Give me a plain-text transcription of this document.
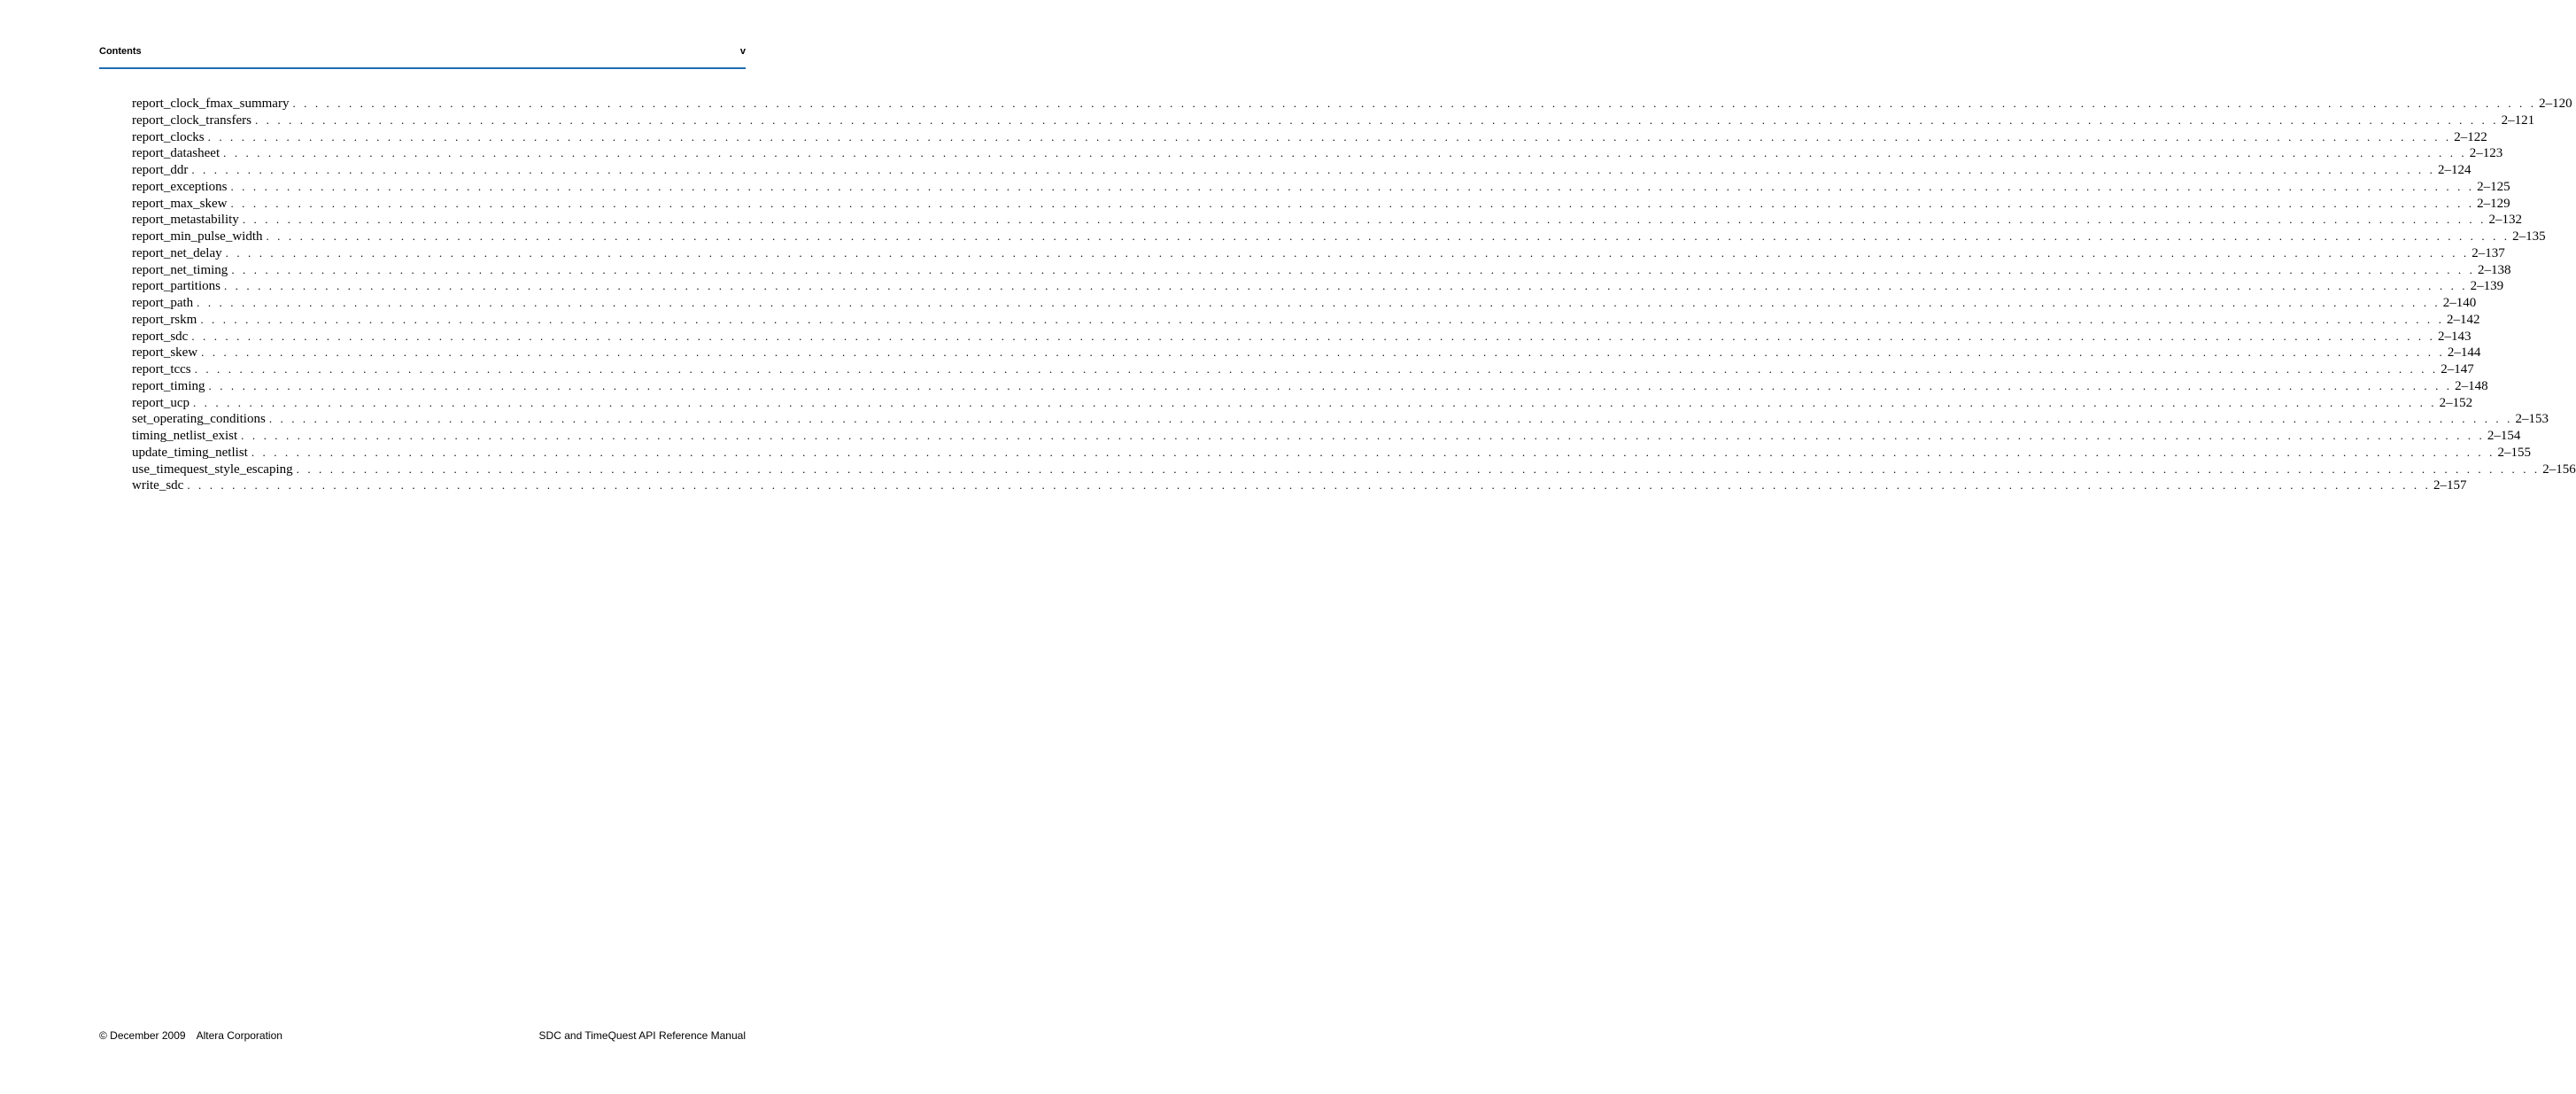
Contents	v
report_clock_fmax_summary . . . . . . . . . . . . . . . . . . . . . . . . . . . . . . . . . . . . . . . . . . . . . . . . . . . . . . . . . . . . . . . . . . . . . . . . . . . . . . . . . . . . . . . . . . . . . . . . . . . . . . . . . . . . . . . . . . . . . . . . . . . . . . . . . . . . . . . . . . . . . . . . . . . . . . . . . . . . . . . . . . . . . . . . . . . . . . . . . . . . . . . . . . . . . . . . . . . . . . . . 2–120
report_clock_transfers . . . . . . . . . . . . . . . . . . . . . . . . . . . . . . . . . . . . . . . . . . . . . . . . . . . . . . . . . . . . . . . . . . . . . . . . . . . . . . . . . . . . . . . . . . . . . . . . . . . . . . . . . . . . . . . . . . . . . . . . . . . . . . . . . . . . . . . . . . . . . . . . . . . . . . . . . . . . . . . . . . . . . . . . . . . . . . . . . . . . . . . . . . . . . . . . . . . . . . . . 2–121
report_clocks . . . . . . . . . . . . . . . . . . . . . . . . . . . . . . . . . . . . . . . . . . . . . . . . . . . . . . . . . . . . . . . . . . . . . . . . . . . . . . . . . . . . . . . . . . . . . . . . . . . . . . . . . . . . . . . . . . . . . . . . . . . . . . . . . . . . . . . . . . . . . . . . . . . . . . . . . . . . . . . . . . . . . . . . . . . . . . . . . . . . . . . . . . . . . . . . . . . . . . . . 2–122
report_datasheet . . . . . . . . . . . . . . . . . . . . . . . . . . . . . . . . . . . . . . . . . . . . . . . . . . . . . . . . . . . . . . . . . . . . . . . . . . . . . . . . . . . . . . . . . . . . . . . . . . . . . . . . . . . . . . . . . . . . . . . . . . . . . . . . . . . . . . . . . . . . . . . . . . . . . . . . . . . . . . . . . . . . . . . . . . . . . . . . . . . . . . . . . . . . . . . . . . . . . . . . 2–123
report_ddr . . . . . . . . . . . . . . . . . . . . . . . . . . . . . . . . . . . . . . . . . . . . . . . . . . . . . . . . . . . . . . . . . . . . . . . . . . . . . . . . . . . . . . . . . . . . . . . . . . . . . . . . . . . . . . . . . . . . . . . . . . . . . . . . . . . . . . . . . . . . . . . . . . . . . . . . . . . . . . . . . . . . . . . . . . . . . . . . . . . . . . . . . . . . . . . . . . . . . . . . 2–124
report_exceptions . . . . . . . . . . . . . . . . . . . . . . . . . . . . . . . . . . . . . . . . . . . . . . . . . . . . . . . . . . . . . . . . . . . . . . . . . . . . . . . . . . . . . . . . . . . . . . . . . . . . . . . . . . . . . . . . . . . . . . . . . . . . . . . . . . . . . . . . . . . . . . . . . . . . . . . . . . . . . . . . . . . . . . . . . . . . . . . . . . . . . . . . . . . . . . . . . . . . . . . . 2–125
report_max_skew . . . . . . . . . . . . . . . . . . . . . . . . . . . . . . . . . . . . . . . . . . . . . . . . . . . . . . . . . . . . . . . . . . . . . . . . . . . . . . . . . . . . . . . . . . . . . . . . . . . . . . . . . . . . . . . . . . . . . . . . . . . . . . . . . . . . . . . . . . . . . . . . . . . . . . . . . . . . . . . . . . . . . . . . . . . . . . . . . . . . . . . . . . . . . . . . . . . . . . . . 2–129
report_metastability . . . . . . . . . . . . . . . . . . . . . . . . . . . . . . . . . . . . . . . . . . . . . . . . . . . . . . . . . . . . . . . . . . . . . . . . . . . . . . . . . . . . . . . . . . . . . . . . . . . . . . . . . . . . . . . . . . . . . . . . . . . . . . . . . . . . . . . . . . . . . . . . . . . . . . . . . . . . . . . . . . . . . . . . . . . . . . . . . . . . . . . . . . . . . . . . . . . . . . . . 2–132
report_min_pulse_width . . . . . . . . . . . . . . . . . . . . . . . . . . . . . . . . . . . . . . . . . . . . . . . . . . . . . . . . . . . . . . . . . . . . . . . . . . . . . . . . . . . . . . . . . . . . . . . . . . . . . . . . . . . . . . . . . . . . . . . . . . . . . . . . . . . . . . . . . . . . . . . . . . . . . . . . . . . . . . . . . . . . . . . . . . . . . . . . . . . . . . . . . . . . . . . . . . . . . . . . 2–135
report_net_delay . . . . . . . . . . . . . . . . . . . . . . . . . . . . . . . . . . . . . . . . . . . . . . . . . . . . . . . . . . . . . . . . . . . . . . . . . . . . . . . . . . . . . . . . . . . . . . . . . . . . . . . . . . . . . . . . . . . . . . . . . . . . . . . . . . . . . . . . . . . . . . . . . . . . . . . . . . . . . . . . . . . . . . . . . . . . . . . . . . . . . . . . . . . . . . . . . . . . . . . . 2–137
report_net_timing . . . . . . . . . . . . . . . . . . . . . . . . . . . . . . . . . . . . . . . . . . . . . . . . . . . . . . . . . . . . . . . . . . . . . . . . . . . . . . . . . . . . . . . . . . . . . . . . . . . . . . . . . . . . . . . . . . . . . . . . . . . . . . . . . . . . . . . . . . . . . . . . . . . . . . . . . . . . . . . . . . . . . . . . . . . . . . . . . . . . . . . . . . . . . . . . . . . . . . . . 2–138
report_partitions . . . . . . . . . . . . . . . . . . . . . . . . . . . . . . . . . . . . . . . . . . . . . . . . . . . . . . . . . . . . . . . . . . . . . . . . . . . . . . . . . . . . . . . . . . . . . . . . . . . . . . . . . . . . . . . . . . . . . . . . . . . . . . . . . . . . . . . . . . . . . . . . . . . . . . . . . . . . . . . . . . . . . . . . . . . . . . . . . . . . . . . . . . . . . . . . . . . . . . . . 2–139
report_path . . . . . . . . . . . . . . . . . . . . . . . . . . . . . . . . . . . . . . . . . . . . . . . . . . . . . . . . . . . . . . . . . . . . . . . . . . . . . . . . . . . . . . . . . . . . . . . . . . . . . . . . . . . . . . . . . . . . . . . . . . . . . . . . . . . . . . . . . . . . . . . . . . . . . . . . . . . . . . . . . . . . . . . . . . . . . . . . . . . . . . . . . . . . . . . . . . . . . . . . 2–140
report_rskm . . . . . . . . . . . . . . . . . . . . . . . . . . . . . . . . . . . . . . . . . . . . . . . . . . . . . . . . . . . . . . . . . . . . . . . . . . . . . . . . . . . . . . . . . . . . . . . . . . . . . . . . . . . . . . . . . . . . . . . . . . . . . . . . . . . . . . . . . . . . . . . . . . . . . . . . . . . . . . . . . . . . . . . . . . . . . . . . . . . . . . . . . . . . . . . . . . . . . . . . 2–142
report_sdc . . . . . . . . . . . . . . . . . . . . . . . . . . . . . . . . . . . . . . . . . . . . . . . . . . . . . . . . . . . . . . . . . . . . . . . . . . . . . . . . . . . . . . . . . . . . . . . . . . . . . . . . . . . . . . . . . . . . . . . . . . . . . . . . . . . . . . . . . . . . . . . . . . . . . . . . . . . . . . . . . . . . . . . . . . . . . . . . . . . . . . . . . . . . . . . . . . . . . . . . 2–143
report_skew . . . . . . . . . . . . . . . . . . . . . . . . . . . . . . . . . . . . . . . . . . . . . . . . . . . . . . . . . . . . . . . . . . . . . . . . . . . . . . . . . . . . . . . . . . . . . . . . . . . . . . . . . . . . . . . . . . . . . . . . . . . . . . . . . . . . . . . . . . . . . . . . . . . . . . . . . . . . . . . . . . . . . . . . . . . . . . . . . . . . . . . . . . . . . . . . . . . . . . . . 2–144
report_tccs . . . . . . . . . . . . . . . . . . . . . . . . . . . . . . . . . . . . . . . . . . . . . . . . . . . . . . . . . . . . . . . . . . . . . . . . . . . . . . . . . . . . . . . . . . . . . . . . . . . . . . . . . . . . . . . . . . . . . . . . . . . . . . . . . . . . . . . . . . . . . . . . . . . . . . . . . . . . . . . . . . . . . . . . . . . . . . . . . . . . . . . . . . . . . . . . . . . . . . . . 2–147
report_timing . . . . . . . . . . . . . . . . . . . . . . . . . . . . . . . . . . . . . . . . . . . . . . . . . . . . . . . . . . . . . . . . . . . . . . . . . . . . . . . . . . . . . . . . . . . . . . . . . . . . . . . . . . . . . . . . . . . . . . . . . . . . . . . . . . . . . . . . . . . . . . . . . . . . . . . . . . . . . . . . . . . . . . . . . . . . . . . . . . . . . . . . . . . . . . . . . . . . . . . . 2–148
report_ucp . . . . . . . . . . . . . . . . . . . . . . . . . . . . . . . . . . . . . . . . . . . . . . . . . . . . . . . . . . . . . . . . . . . . . . . . . . . . . . . . . . . . . . . . . . . . . . . . . . . . . . . . . . . . . . . . . . . . . . . . . . . . . . . . . . . . . . . . . . . . . . . . . . . . . . . . . . . . . . . . . . . . . . . . . . . . . . . . . . . . . . . . . . . . . . . . . . . . . . . . 2–152
set_operating_conditions . . . . . . . . . . . . . . . . . . . . . . . . . . . . . . . . . . . . . . . . . . . . . . . . . . . . . . . . . . . . . . . . . . . . . . . . . . . . . . . . . . . . . . . . . . . . . . . . . . . . . . . . . . . . . . . . . . . . . . . . . . . . . . . . . . . . . . . . . . . . . . . . . . . . . . . . . . . . . . . . . . . . . . . . . . . . . . . . . . . . . . . . . . . . . . . . . . . . . . . . 2–153
timing_netlist_exist . . . . . . . . . . . . . . . . . . . . . . . . . . . . . . . . . . . . . . . . . . . . . . . . . . . . . . . . . . . . . . . . . . . . . . . . . . . . . . . . . . . . . . . . . . . . . . . . . . . . . . . . . . . . . . . . . . . . . . . . . . . . . . . . . . . . . . . . . . . . . . . . . . . . . . . . . . . . . . . . . . . . . . . . . . . . . . . . . . . . . . . . . . . . . . . . . . . . . . . . 2–154
update_timing_netlist . . . . . . . . . . . . . . . . . . . . . . . . . . . . . . . . . . . . . . . . . . . . . . . . . . . . . . . . . . . . . . . . . . . . . . . . . . . . . . . . . . . . . . . . . . . . . . . . . . . . . . . . . . . . . . . . . . . . . . . . . . . . . . . . . . . . . . . . . . . . . . . . . . . . . . . . . . . . . . . . . . . . . . . . . . . . . . . . . . . . . . . . . . . . . . . . . . . . . . . . 2–155
use_timequest_style_escaping . . . . . . . . . . . . . . . . . . . . . . . . . . . . . . . . . . . . . . . . . . . . . . . . . . . . . . . . . . . . . . . . . . . . . . . . . . . . . . . . . . . . . . . . . . . . . . . . . . . . . . . . . . . . . . . . . . . . . . . . . . . . . . . . . . . . . . . . . . . . . . . . . . . . . . . . . . . . . . . . . . . . . . . . . . . . . . . . . . . . . . . . . . . . . . . . . . . . . . . . 2–156
write_sdc . . . . . . . . . . . . . . . . . . . . . . . . . . . . . . . . . . . . . . . . . . . . . . . . . . . . . . . . . . . . . . . . . . . . . . . . . . . . . . . . . . . . . . . . . . . . . . . . . . . . . . . . . . . . . . . . . . . . . . . . . . . . . . . . . . . . . . . . . . . . . . . . . . . . . . . . . . . . . . . . . . . . . . . . . . . . . . . . . . . . . . . . . . . . . . . . . . . . . . . . 2–157
© December 2009 Altera Corporation	SDC and TimeQuest API Reference Manual
